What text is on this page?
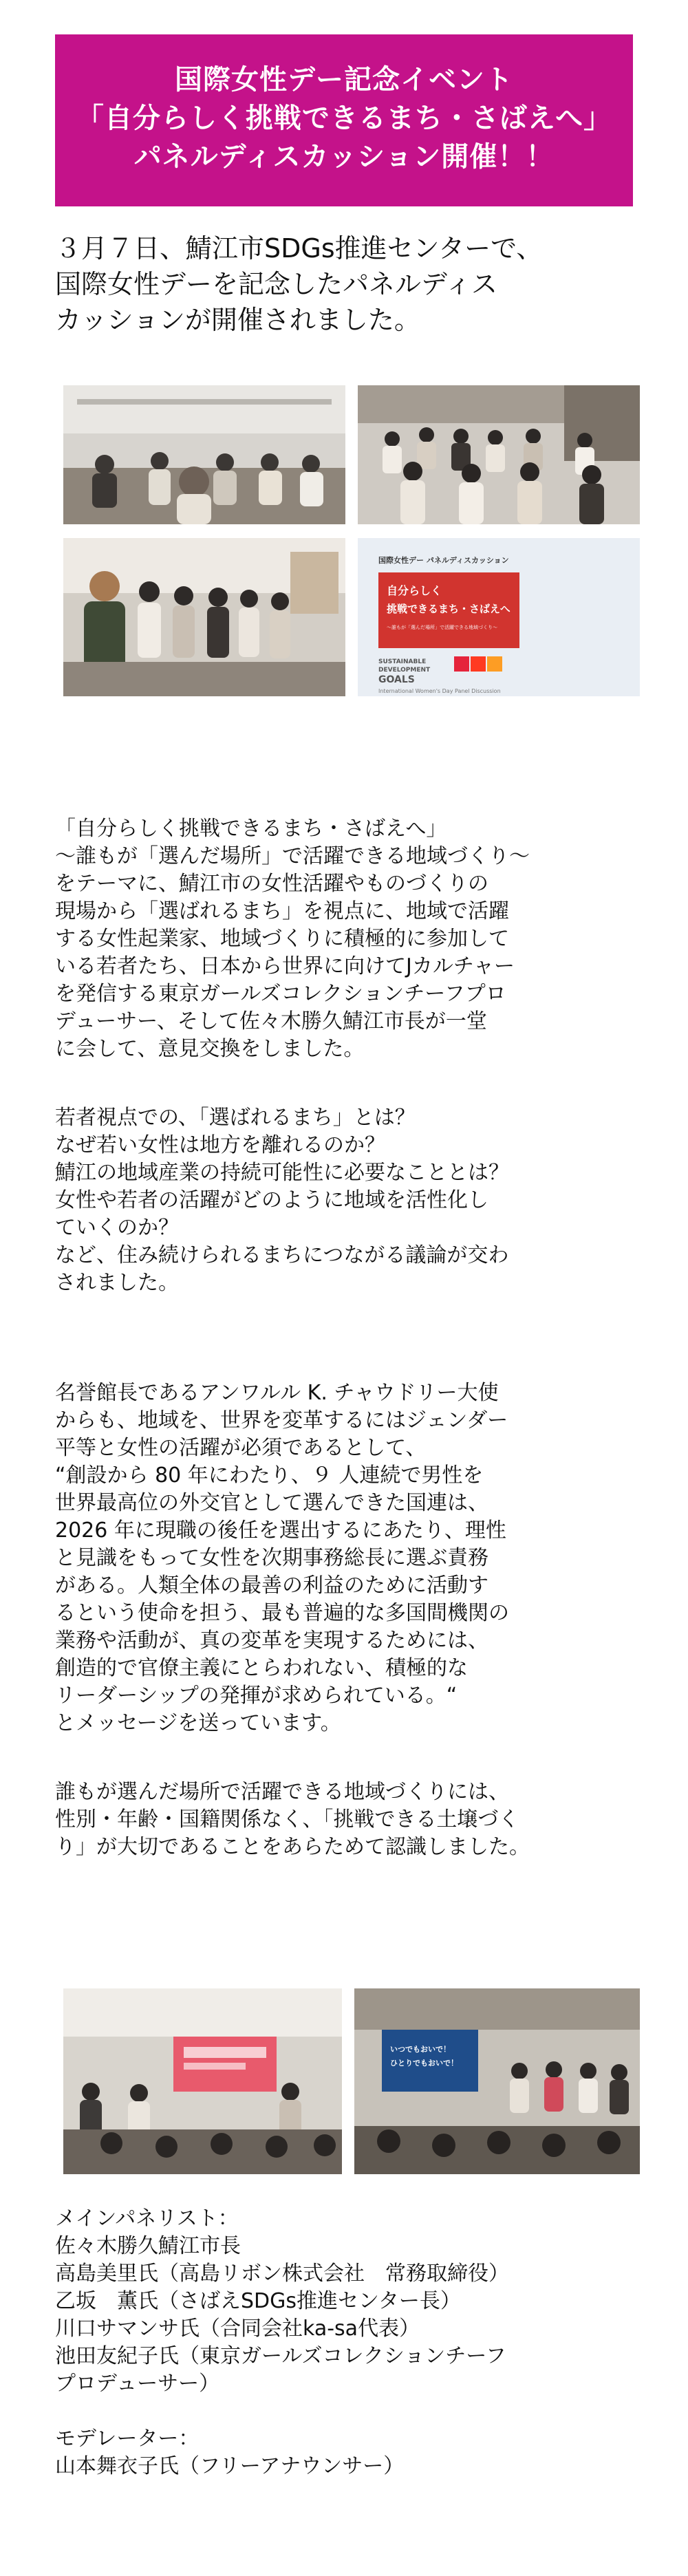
国際女性デー記念イベント
「自分らしく挑戦できるまち・さばえへ」
パネルディスカッション開催！！
３月７日、鯖江市SDGs推進センターで、
国際女性デーを記念したパネルディス
カッションが開催されました。
国際女性デー パネルディスカッション
自分らしく
挑戦できるまち・さばえへ
〜誰もが「選んだ場所」で活躍できる地域づくり〜
SUSTAINABLE
DEVELOPMENT
GOALS
International Women's Day Panel Discussion
「自分らしく挑戦できるまち・さばえへ」
〜誰もが「選んだ場所」で活躍できる地域づくり〜
をテーマに、鯖江市の女性活躍やものづくりの
現場から「選ばれるまち」を視点に、地域で活躍
する女性起業家、地域づくりに積極的に参加して
いる若者たち、日本から世界に向けてJカルチャー
を発信する東京ガールズコレクションチーフプロ
デューサー、そして佐々木勝久鯖江市長が一堂
に会して、意見交換をしました。
若者視点での、「選ばれるまち」とは？
なぜ若い女性は地方を離れるのか？
鯖江の地域産業の持続可能性に必要なこととは？
女性や若者の活躍がどのように地域を活性化し
ていくのか？
など、住み続けられるまちにつながる議論が交わ
されました。
名誉館長であるアンワルル K. チャウドリー大使
からも、地域を、世界を変革するにはジェンダー
平等と女性の活躍が必須であるとして、
“創設から 80 年にわたり、９ 人連続で男性を
世界最高位の外交官として選んできた国連は、
2026 年に現職の後任を選出するにあたり、理性
と見識をもって女性を次期事務総長に選ぶ責務
がある。人類全体の最善の利益のために活動す
るという使命を担う、最も普遍的な多国間機関の
業務や活動が、真の変革を実現するためには、
創造的で官僚主義にとらわれない、積極的な
リーダーシップの発揮が求められている。“
とメッセージを送っています。
誰もが選んだ場所で活躍できる地域づくりには、
性別・年齢・国籍関係なく、「挑戦できる土壌づく
り」が大切であることをあらためて認識しました。
いつでもおいで！
ひとりでもおいで！
メインパネリスト：
佐々木勝久鯖江市長
高島美里氏（高島リボン株式会社　常務取締役）
乙坂　薫氏（さばえSDGs推進センター長）
川口サマンサ氏（合同会社ka-sa代表）
池田友紀子氏（東京ガールズコレクションチーフ
プロデューサー）
モデレーター：
山本舞衣子氏（フリーアナウンサー）
